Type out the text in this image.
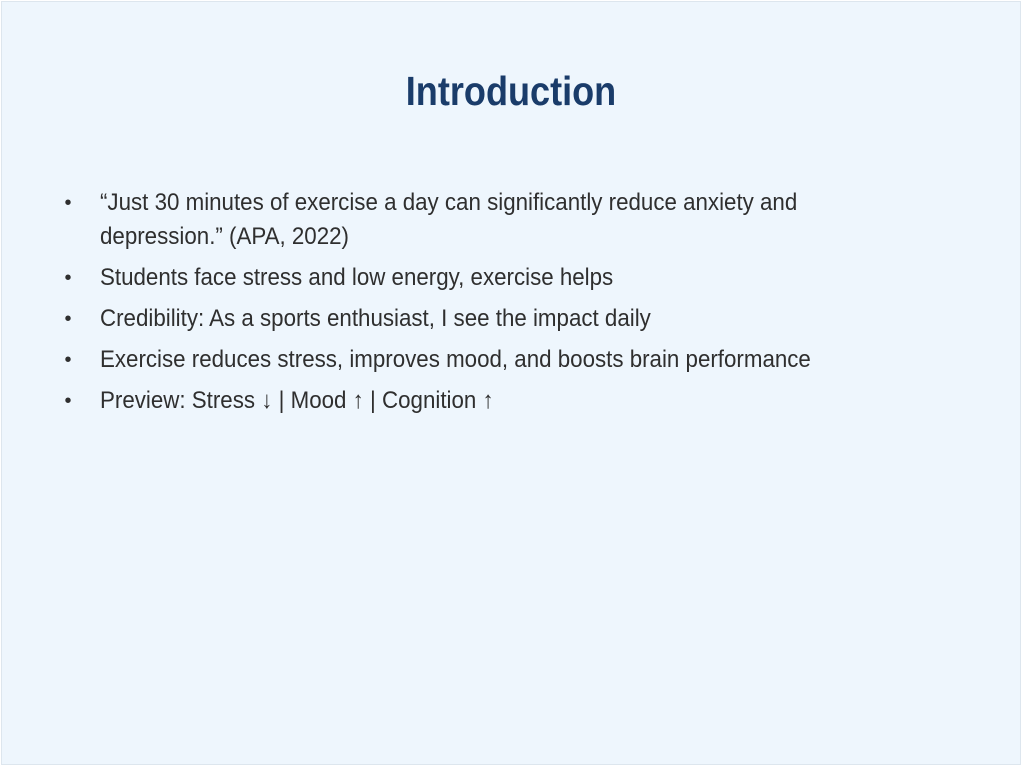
Introduction
• “Just 30 minutes of exercise a day can significantly reduce anxiety and depression.” (APA, 2022)
• Students face stress and low energy, exercise helps
• Credibility: As a sports enthusiast, I see the impact daily
• Exercise reduces stress, improves mood, and boosts brain performance
• Preview: Stress ↓ | Mood ↑ | Cognition ↑
